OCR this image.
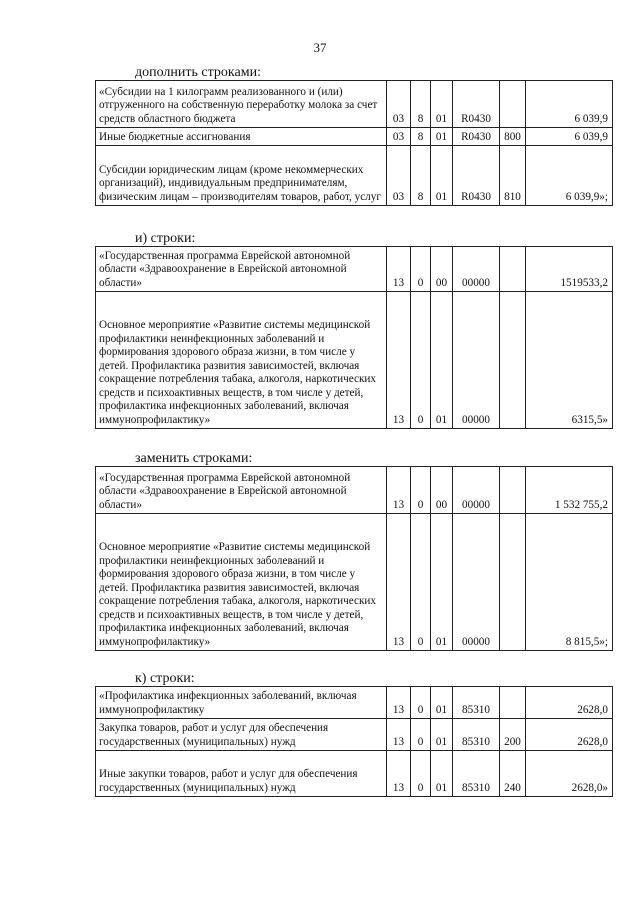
37
дополнить строками:
«Субсидии на 1 килограмм реализованного и (или) отгруженного на собственную переработку молока за счет средств областного бюджета	03	8	01	R0430		6 039,9
Иные бюджетные ассигнования	03	8	01	R0430	800	6 039,9
Субсидии юридическим лицам (кроме некоммерческих организаций), индивидуальным предпринимателям, физическим лицам – производителям товаров, работ, услуг	03	8	01	R0430	810	6 039,9»;
и) строки:
«Государственная программа Еврейской автономной области «Здравоохранение в Еврейской автономной области»	13	0	00	00000		1519533,2
Основное мероприятие «Развитие системы медицинской профилактики неинфекционных заболеваний и формирования здорового образа жизни, в том числе у детей. Профилактика развития зависимостей, включая сокращение потребления табака, алкоголя, наркотических средств и психоактивных веществ, в том числе у детей, профилактика инфекционных заболеваний, включая иммунопрофилактику»	13	0	01	00000		6315,5»
заменить строками:
«Государственная программа Еврейской автономной области «Здравоохранение в Еврейской автономной области»	13	0	00	00000		1 532 755,2
Основное мероприятие «Развитие системы медицинской профилактики неинфекционных заболеваний и формирования здорового образа жизни, в том числе у детей. Профилактика развития зависимостей, включая сокращение потребления табака, алкоголя, наркотических средств и психоактивных веществ, в том числе у детей, профилактика инфекционных заболеваний, включая иммунопрофилактику»	13	0	01	00000		8 815,5»;
к) строки:
«Профилактика инфекционных заболеваний, включая иммунопрофилактику	13	0	01	85310		2628,0
Закупка товаров, работ и услуг для обеспечения государственных (муниципальных) нужд	13	0	01	85310	200	2628,0
Иные закупки товаров, работ и услуг для обеспечения государственных (муниципальных) нужд	13	0	01	85310	240	2628,0»
